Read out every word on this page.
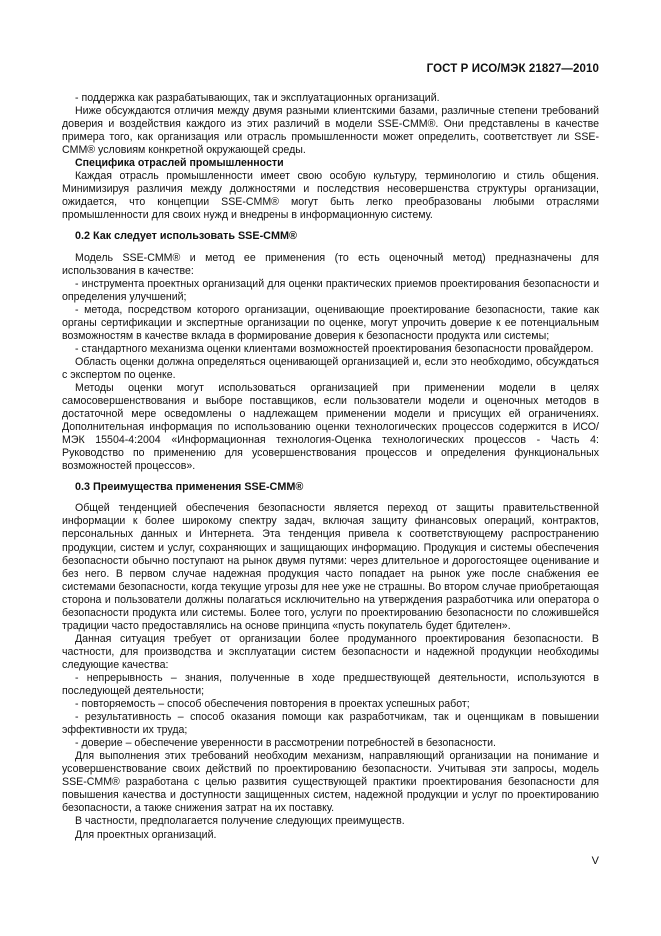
ГОСТ Р ИСО/МЭК 21827—2010

- поддержка как разрабатывающих, так и эксплуатационных организаций.

Ниже обсуждаются отличия между двумя разными клиентскими базами, различные степени требований доверия и воздействия каждого из этих различий в модели SSE-CMM®. Они представлены в качестве примера того, как организация или отрасль промышленности может определить, соответствует ли SSE-CMM® условиям конкретной окружающей среды.

Специфика отраслей промышленности

Каждая отрасль промышленности имеет свою особую культуру, терминологию и стиль общения. Минимизируя различия между должностями и последствия несовершенства структуры организации, ожидается, что концепции SSE-CMM® могут быть легко преобразованы любыми отраслями промышленности для своих нужд и внедрены в информационную систему.

0.2 Как следует использовать SSE-CMM®

Модель SSE-CMM® и метод ее применения (то есть оценочный метод) предназначены для использования в качестве:

- инструмента проектных организаций для оценки практических приемов проектирования безопасности и определения улучшений;

- метода, посредством которого организации, оценивающие проектирование безопасности, такие как органы сертификации и экспертные организации по оценке, могут упрочить доверие к ее потенциальным возможностям в качестве вклада в формирование доверия к безопасности продукта или системы;

- стандартного механизма оценки клиентами возможностей проектирования безопасности провайдером.

Область оценки должна определяться оценивающей организацией и, если это необходимо, обсуждаться с экспертом по оценке.

Методы оценки могут использоваться организацией при применении модели в целях самосовершенствования и выборе поставщиков, если пользователи модели и оценочных методов в достаточной мере осведомлены о надлежащем применении модели и присущих ей ограничениях. Дополнительная информация по использованию оценки технологических процессов содержится в ИСО/МЭК 15504-4:2004 «Информационная технология-Оценка технологических процессов - Часть 4: Руководство по применению для усовершенствования процессов и определения функциональных возможностей процессов».

0.3 Преимущества применения SSE-CMM®

Общей тенденцией обеспечения безопасности является переход от защиты правительственной информации к более широкому спектру задач, включая защиту финансовых операций, контрактов, персональных данных и Интернета. Эта тенденция привела к соответствующему распространению продукции, систем и услуг, сохраняющих и защищающих информацию. Продукция и системы обеспечения безопасности обычно поступают на рынок двумя путями: через длительное и дорогостоящее оценивание и без него. В первом случае надежная продукция часто попадает на рынок уже после снабжения ее системами безопасности, когда текущие угрозы для нее уже не страшны. Во втором случае приобретающая сторона и пользователи должны полагаться исключительно на утверждения разработчика или оператора о безопасности продукта или системы. Более того, услуги по проектированию безопасности по сложившейся традиции часто предоставлялись на основе принципа «пусть покупатель будет бдителен».

Данная ситуация требует от организации более продуманного проектирования безопасности. В частности, для производства и эксплуатации систем безопасности и надежной продукции необходимы следующие качества:

- непрерывность – знания, полученные в ходе предшествующей деятельности, используются в последующей деятельности;

- повторяемость – способ обеспечения повторения в проектах успешных работ;

- результативность – способ оказания помощи как разработчикам, так и оценщикам в повышении эффективности их труда;

- доверие – обеспечение уверенности в рассмотрении потребностей в безопасности.

Для выполнения этих требований необходим механизм, направляющий организации на понимание и усовершенствование своих действий по проектированию безопасности. Учитывая эти запросы, модель SSE-CMM® разработана с целью развития существующей практики проектирования безопасности для повышения качества и доступности защищенных систем, надежной продукции и услуг по проектированию безопасности, а также снижения затрат на их поставку.

В частности, предполагается получение следующих преимуществ.

Для проектных организаций.

V
